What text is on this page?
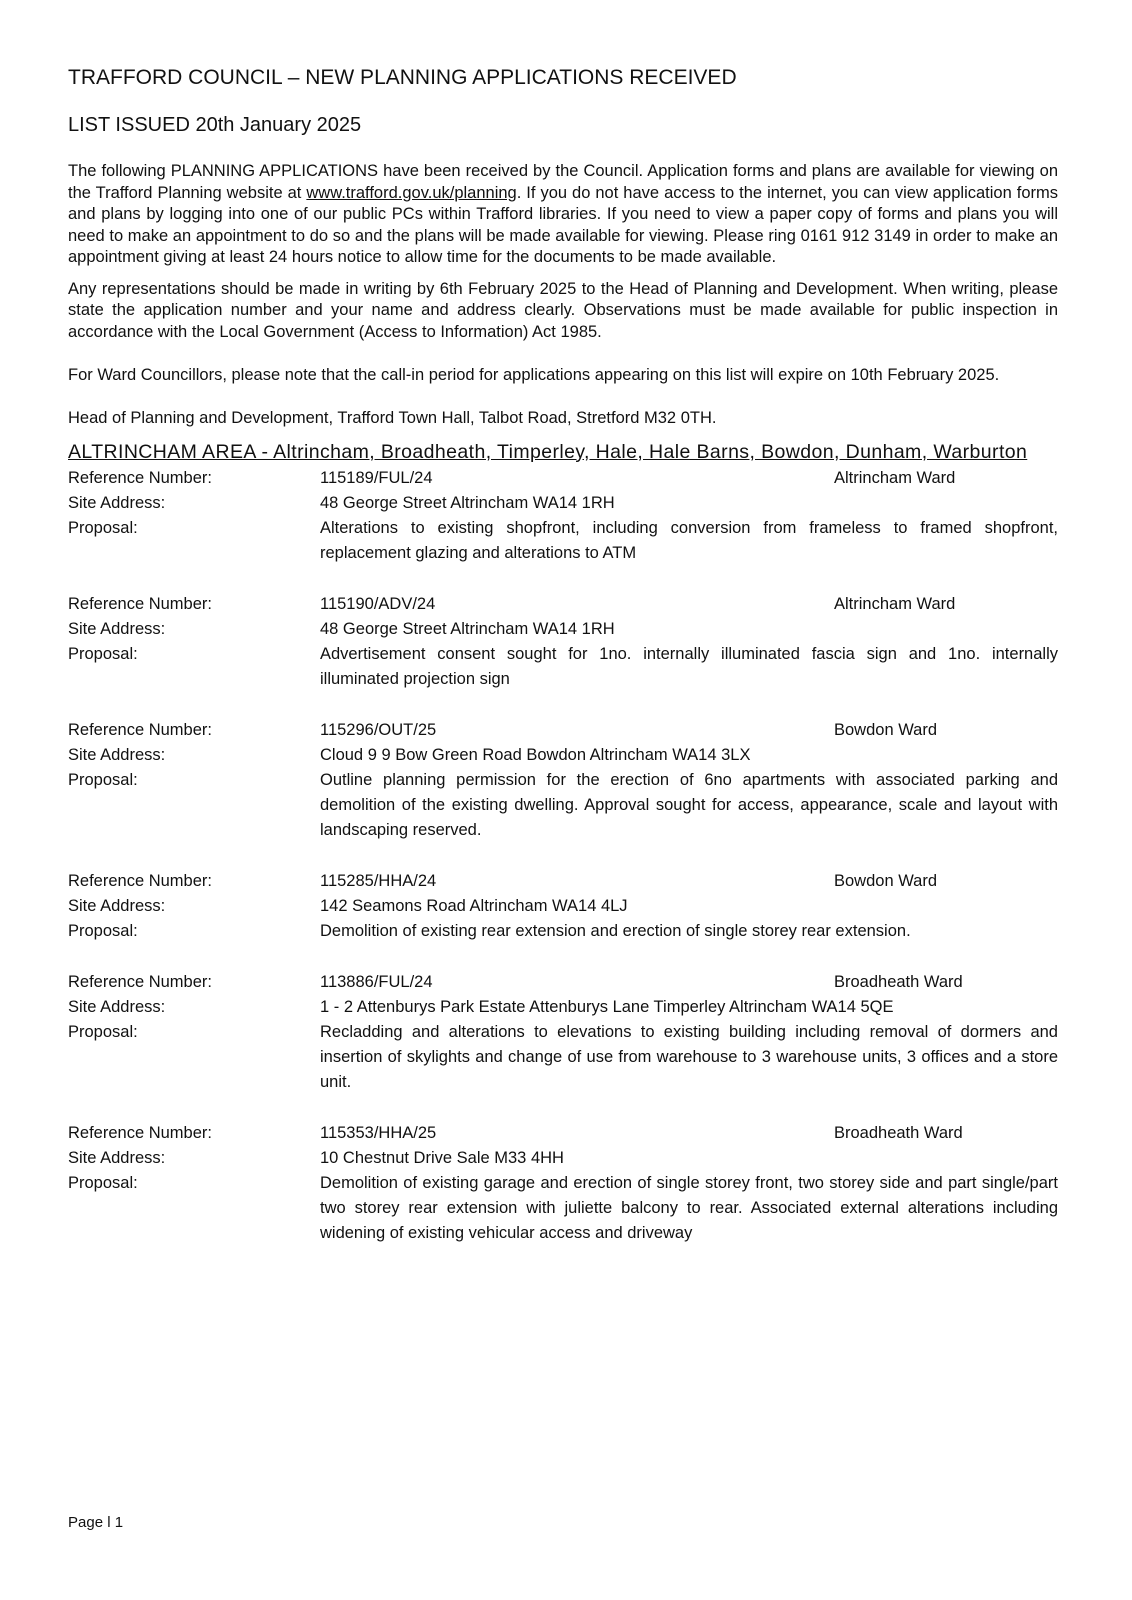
TRAFFORD COUNCIL – NEW PLANNING APPLICATIONS RECEIVED
LIST ISSUED 20th January 2025

The following PLANNING APPLICATIONS have been received by the Council. Application forms and plans are available for viewing on the Trafford Planning website at www.trafford.gov.uk/planning. If you do not have access to the internet, you can view application forms and plans by logging into one of our public PCs within Trafford libraries. If you need to view a paper copy of forms and plans you will need to make an appointment to do so and the plans will be made available for viewing. Please ring 0161 912 3149 in order to make an appointment giving at least 24 hours notice to allow time for the documents to be made available.

Any representations should be made in writing by 6th February 2025 to the Head of Planning and Development. When writing, please state the application number and your name and address clearly. Observations must be made available for public inspection in accordance with the Local Government (Access to Information) Act 1985.

For Ward Councillors, please note that the call-in period for applications appearing on this list will expire on 10th February 2025.

Head of Planning and Development, Trafford Town Hall, Talbot Road, Stretford M32 0TH.
ALTRINCHAM AREA - Altrincham, Broadheath, Timperley, Hale, Hale Barns, Bowdon, Dunham, Warburton
Reference Number:	115189/FUL/24	Altrincham Ward
Site Address:	48 George Street Altrincham WA14 1RH
Proposal:	Alterations to existing shopfront, including conversion from frameless to framed shopfront, replacement glazing and alterations to ATM
Reference Number:	115190/ADV/24	Altrincham Ward
Site Address:	48 George Street Altrincham WA14 1RH
Proposal:	Advertisement consent sought for 1no. internally illuminated fascia sign and 1no. internally illuminated projection sign
Reference Number:	115296/OUT/25	Bowdon Ward
Site Address:	Cloud 9 9 Bow Green Road Bowdon Altrincham WA14 3LX
Proposal:	Outline planning permission for the erection of 6no apartments with associated parking and demolition of the existing dwelling. Approval sought for access, appearance, scale and layout with landscaping reserved.
Reference Number:	115285/HHA/24	Bowdon Ward
Site Address:	142 Seamons Road Altrincham WA14 4LJ
Proposal:	Demolition of existing rear extension and erection of single storey rear extension.
Reference Number:	113886/FUL/24	Broadheath Ward
Site Address:	1 - 2 Attenburys Park Estate Attenburys Lane Timperley Altrincham WA14 5QE
Proposal:	Recladding and alterations to elevations to existing building including removal of dormers and insertion of skylights and change of use from warehouse to 3 warehouse units, 3 offices and a store unit.
Reference Number:	115353/HHA/25	Broadheath Ward
Site Address:	10 Chestnut Drive Sale M33 4HH
Proposal:	Demolition of existing garage and erection of single storey front, two storey side and part single/part two storey rear extension with juliette balcony to rear. Associated external alterations including widening of existing vehicular access and driveway
Page l 1
